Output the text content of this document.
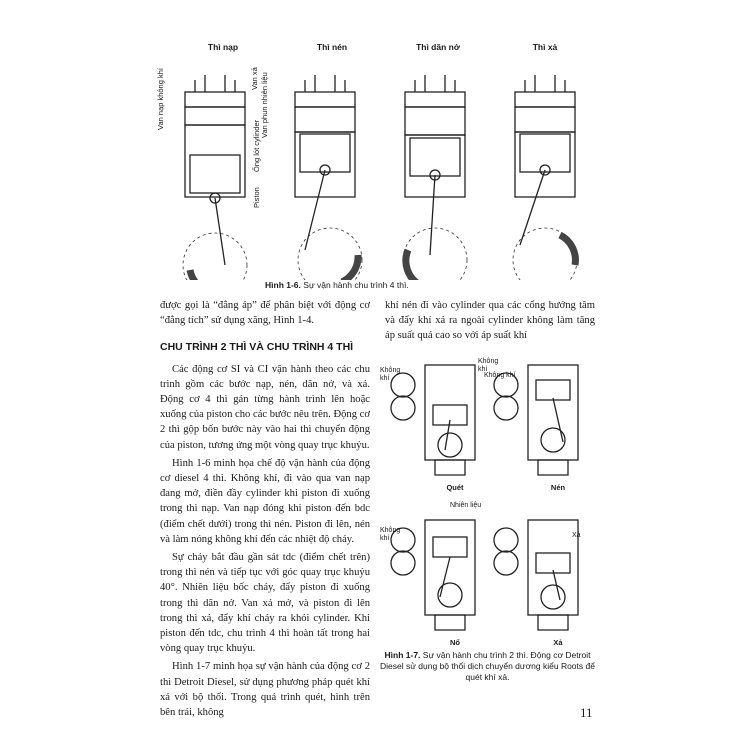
Thì nạp	Thì nén	Thì dãn nở	Thì xả
Van nạp không khí	Van xả Van phun nhiên liệu
Ống lót cylinder
Piston
Hình 1-6. Sự vận hành chu trình 4 thì.

được gọi là “đẳng áp” để phân biệt với động cơ “đẳng tích” sử dụng xăng, Hình 1-4.

CHU TRÌNH 2 THÌ VÀ CHU TRÌNH 4 THÌ

Các động cơ SI và CI vận hành theo các chu trình gồm các bước nạp, nén, dãn nở, và xả. Động cơ 4 thì gán từng hành trình lên hoặc xuống của piston cho các bước nêu trên. Động cơ 2 thì gộp bốn bước này vào hai thì chuyển động của piston, tương ứng một vòng quay trục khuỷu.

Hình 1-6 minh họa chế độ vận hành của động cơ diesel 4 thì. Không khí, đi vào qua van nạp đang mở, điền đầy cylinder khi piston đi xuống trong thì nạp. Van nạp đóng khi piston đến bdc (điểm chết dưới) trong thì nén. Piston đi lên, nén và làm nóng không khí đến các nhiệt độ cháy.

Sự cháy bắt đầu gần sát tdc (điểm chết trên) trong thì nén và tiếp tục với góc quay trục khuỷu 40°. Nhiên liệu bốc cháy, đẩy piston đi xuống trong thì dãn nở. Van xả mở, và piston đi lên trong thì xả, đẩy khí cháy ra khỏi cylinder. Khi piston đến tdc, chu trình 4 thì hoàn tất trong hai vòng quay trục khuỷu.

Hình 1-7 minh họa sự vận hành của động cơ 2 thì Detroit Diesel, sử dụng phương pháp quét khí xả với bộ thổi. Trong quá trình quét, hình trên bên trái, không

khí nén đi vào cylinder qua các cổng hướng tâm và đẩy khí xả ra ngoài cylinder không làm tăng áp suất quá cao so với áp suất khí
Không khí
Không khí
Không khí
Nhiên liệu
Không khí	Xả
Quét	Nén
Nổ	Xả
Hình 1-7. Sự vận hành chu trình 2 thì. Động cơ Detroit Diesel sử dụng bộ thổi dịch chuyển dương kiểu Roots để quét khí xả.
11
